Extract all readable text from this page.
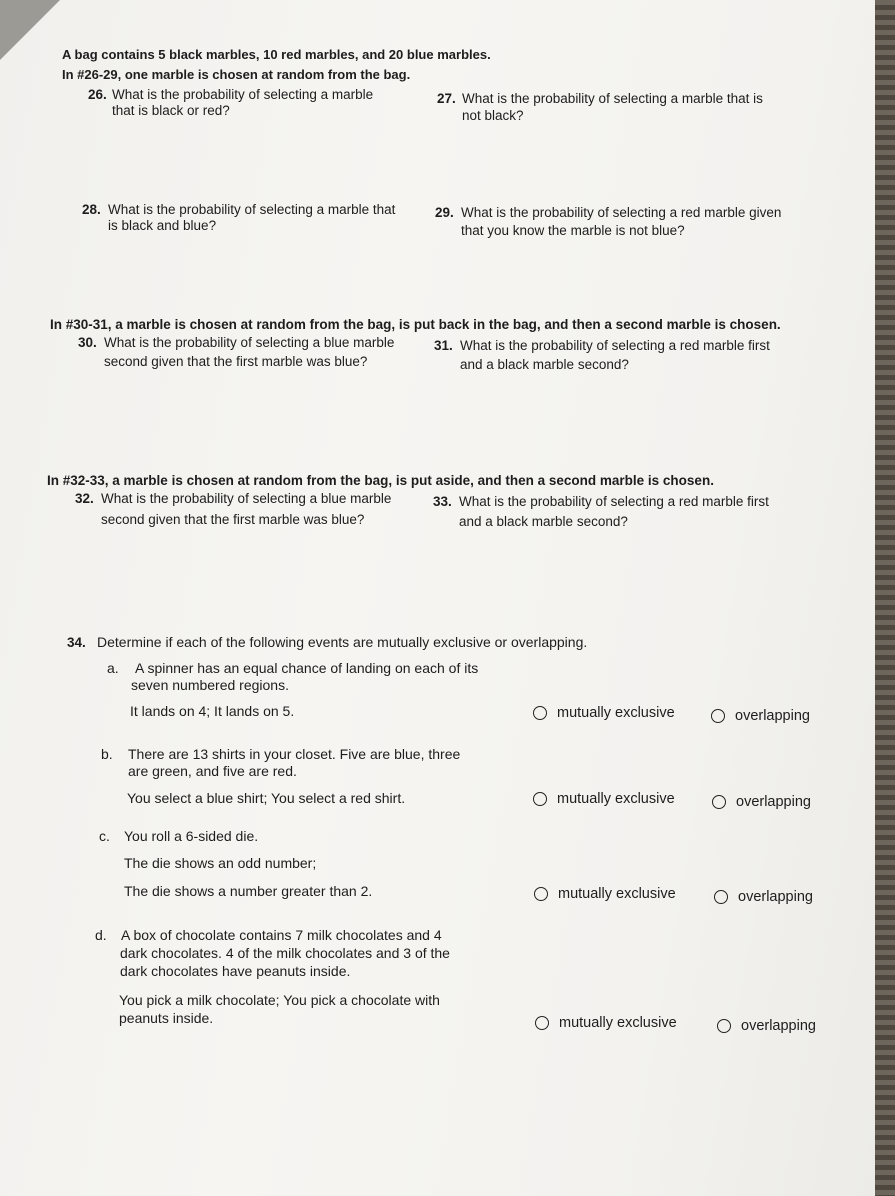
A bag contains 5 black marbles, 10 red marbles, and 20 blue marbles.
In #26-29, one marble is chosen at random from the bag.
26. What is the probability of selecting a marble
that is black or red?
27. What is the probability of selecting a marble that is
not black?
28. What is the probability of selecting a marble that
is black and blue?
29. What is the probability of selecting a red marble given
that you know the marble is not blue?
In #30-31, a marble is chosen at random from the bag, is put back in the bag, and then a second marble is chosen.
30. What is the probability of selecting a blue marble
second given that the first marble was blue?
31. What is the probability of selecting a red marble first
and a black marble second?
In #32-33, a marble is chosen at random from the bag, is put aside, and then a second marble is chosen.
32. What is the probability of selecting a blue marble
second given that the first marble was blue?
33. What is the probability of selecting a red marble first
and a black marble second?
34. Determine if each of the following events are mutually exclusive or overlapping.
a. A spinner has an equal chance of landing on each of its
seven numbered regions.
It lands on 4; It lands on 5.	mutually exclusive	overlapping
b. There are 13 shirts in your closet. Five are blue, three
are green, and five are red.
You select a blue shirt; You select a red shirt.	mutually exclusive	overlapping
c. You roll a 6-sided die.
The die shows an odd number;
The die shows a number greater than 2.	mutually exclusive	overlapping
d. A box of chocolate contains 7 milk chocolates and 4
dark chocolates. 4 of the milk chocolates and 3 of the
dark chocolates have peanuts inside.
You pick a milk chocolate; You pick a chocolate with
peanuts inside.	mutually exclusive	overlapping
